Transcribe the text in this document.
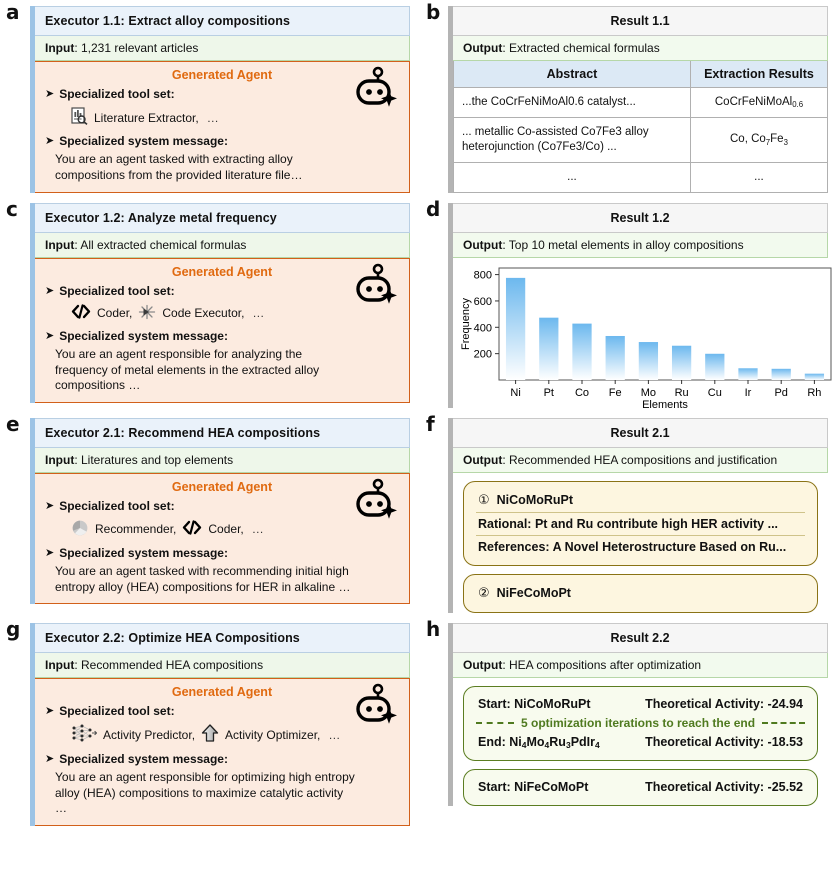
a	Executor 1.1: Extract alloy compositions
Input: 1,231 relevant articles
Generated Agent
➤ Specialized tool set:
Literature Extractor, …
➤ Specialized system message:
You are an agent tasked with extracting alloy compositions from the provided literature file…
b	Result 1.1
Output: Extracted chemical formulas
Abstract	Extraction Results
...the CoCrFeNiMoAl0.6 catalyst...	CoCrFeNiMoAl$_{0.6}$
... metallic Co-assisted Co7Fe3 alloy heterojunction (Co7Fe3/Co) ...	Co, $Co_7Fe_3$
...	...
c	Executor 1.2: Analyze metal frequency
Input: All extracted chemical formulas
Generated Agent
➤ Specialized tool set:
Coder,	Code Executor, …
➤ Specialized system message:
You are an agent responsible for analyzing the frequency of metal elements in the extracted alloy compositions …
d	Result 1.2
Output: Top 10 metal elements in alloy compositions
200
400
600
800
Ni Pt Co Fe Mo Ru Cu Ir Pd Rh
Elements
Frequency
e	Executor 2.1: Recommend HEA compositions
Input: Literatures and top elements
Generated Agent
➤ Specialized tool set:
Recommender,	Coder, …
➤ Specialized system message:
You are an agent tasked with recommending initial high entropy alloy (HEA) compositions for HER in alkaline …
f	Result 2.1
Output: Recommended HEA compositions and justification
① NiCoMoRuPt
Rational: Pt and Ru contribute high HER activity ...
References: A Novel Heterostructure Based on Ru...
② NiFeCoMoPt
g	Executor 2.2: Optimize HEA Compositions
Input: Recommended HEA compositions
Generated Agent
➤ Specialized tool set:
Activity Predictor,	Activity Optimizer, …
➤ Specialized system message:
You are an agent responsible for optimizing high entropy alloy (HEA) compositions to maximize catalytic activity …
h	Result 2.2
Output: HEA compositions after optimization
Start: NiCoMoRuPt	Theoretical Activity: -24.94
5 optimization iterations to reach the end
End: $Ni_4Mo_4Ru_3PdIr_4$	Theoretical Activity: -18.53
Start: NiFeCoMoPt	Theoretical Activity: -25.52
